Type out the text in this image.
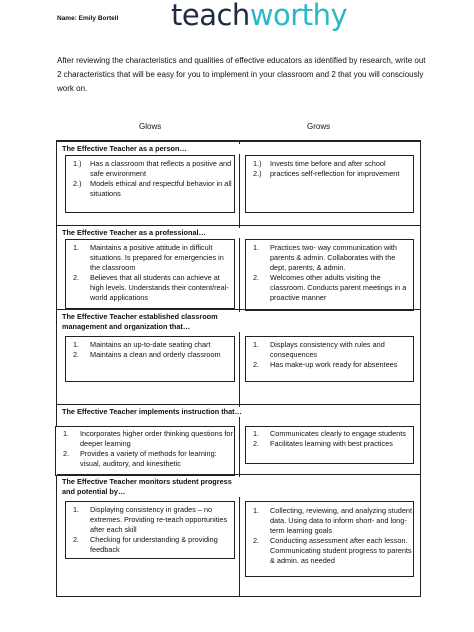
Name: Emily Bortell teachworthy
After reviewing the characteristics and qualities of effective educators as identified by research, write out 2 characteristics that will be easy for you to implement in your classroom and 2 that you will consciously work on.
Glows	Grows
The Effective Teacher as a person…
1.) Has a classroom that reflects a positive and safe environment
2.) Models ethical and respectful behavior in all situations
1.) Invests time before and after school
2.) practices self-reflection for improvement
The Effective Teacher as a professional…
1. Maintains a positive attitude in difficult situations. Is prepared for emergencies in the classroom
2. Believes that all students can achieve at high levels. Understands their content/real-world applications
1. Practices two- way communication with parents & admin. Collaborates with the dept, parents, & admin.
2. Welcomes other adults visiting the classroom. Conducts parent meetings in a proactive manner
The Effective Teacher established classroom management and organization that…
1. Maintains an up-to-date seating chart
2. Maintains a clean and orderly classroom
1. Displays consistency with rules and consequences
2. Has make-up work ready for absentees
The Effective Teacher implements instruction that…
1. Incorporates higher order thinking questions for deeper learning
2. Provides a variety of methods for learning: visual, auditory, and kinesthetic
1. Communicates clearly to engage students
2. Facilitates learning with best practices
The Effective Teacher monitors student progress and potential by…
1. Displaying consistency in grades – no extremes. Providing re-teach opportunities after each skill
2. Checking for understanding & providing feedback
1. Collecting, reviewing, and analyzing student data. Using data to inform short- and long-term learning goals
2. Conducting assessment after each lesson. Communicating student progress to parents & admin. as needed
